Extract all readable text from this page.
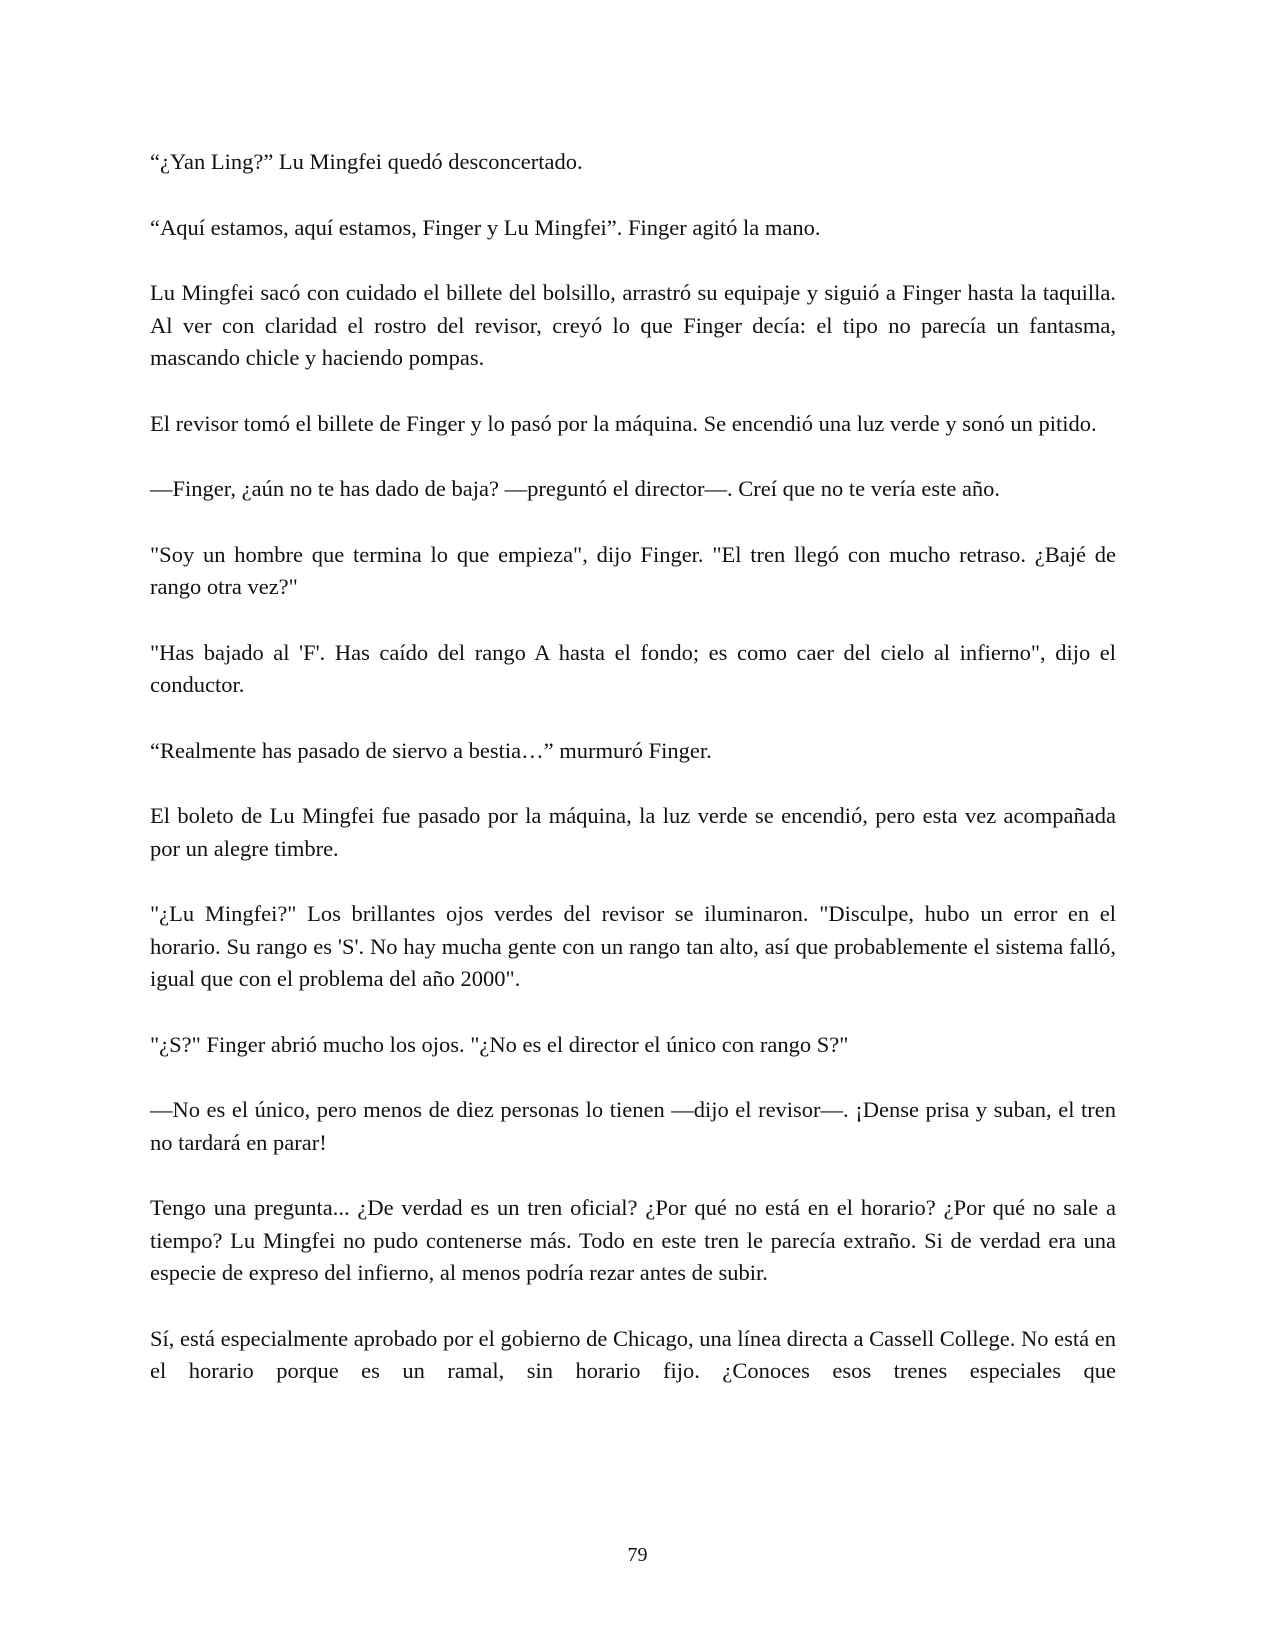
“¿Yan Ling?” Lu Mingfei quedó desconcertado.

“Aquí estamos, aquí estamos, Finger y Lu Mingfei”. Finger agitó la mano.

Lu Mingfei sacó con cuidado el billete del bolsillo, arrastró su equipaje y siguió a Finger hasta la taquilla. Al ver con claridad el rostro del revisor, creyó lo que Finger decía: el tipo no parecía un fantasma, mascando chicle y haciendo pompas.

El revisor tomó el billete de Finger y lo pasó por la máquina. Se encendió una luz verde y sonó un pitido.

—Finger, ¿aún no te has dado de baja? —preguntó el director—. Creí que no te vería este año.

"Soy un hombre que termina lo que empieza", dijo Finger. "El tren llegó con mucho retraso. ¿Bajé de rango otra vez?"

"Has bajado al 'F'. Has caído del rango A hasta el fondo; es como caer del cielo al infierno", dijo el conductor.

“Realmente has pasado de siervo a bestia…” murmuró Finger.

El boleto de Lu Mingfei fue pasado por la máquina, la luz verde se encendió, pero esta vez acompañada por un alegre timbre.

"¿Lu Mingfei?" Los brillantes ojos verdes del revisor se iluminaron. "Disculpe, hubo un error en el horario. Su rango es 'S'. No hay mucha gente con un rango tan alto, así que probablemente el sistema falló, igual que con el problema del año 2000".

"¿S?" Finger abrió mucho los ojos. "¿No es el director el único con rango S?"

—No es el único, pero menos de diez personas lo tienen —dijo el revisor—. ¡Dense prisa y suban, el tren no tardará en parar!

Tengo una pregunta... ¿De verdad es un tren oficial? ¿Por qué no está en el horario? ¿Por qué no sale a tiempo? Lu Mingfei no pudo contenerse más. Todo en este tren le parecía extraño. Si de verdad era una especie de expreso del infierno, al menos podría rezar antes de subir.

Sí, está especialmente aprobado por el gobierno de Chicago, una línea directa a Cassell College. No está en el horario porque es un ramal, sin horario fijo. ¿Conoces esos trenes especiales que

79
